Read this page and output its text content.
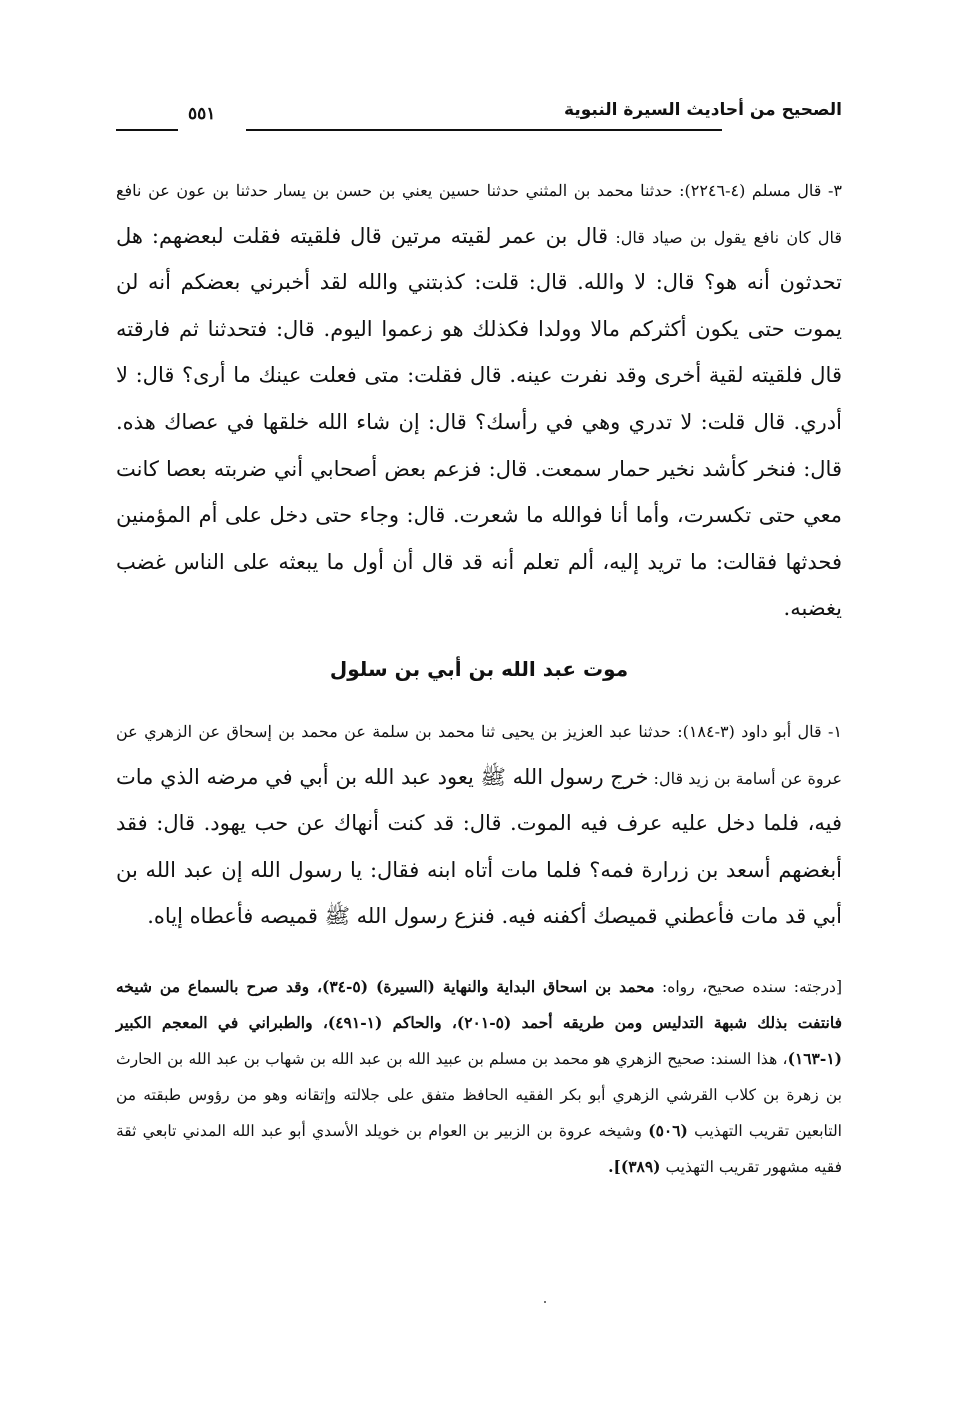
الصحيح من أحاديث السيرة النبوية
٥٥١

٣- قال مسلم (٤-٢٢٤٦): حدثنا محمد بن المثني حدثنا حسين يعني بن حسن بن يسار حدثنا بن عون عن نافع قال كان نافع يقول بن صياد قال: قال بن عمر لقيته مرتين قال فلقيته فقلت لبعضهم: هل تحدثون أنه هو؟ قال: لا والله. قال: قلت: كذبتني والله لقد أخبرني بعضكم أنه لن يموت حتى يكون أكثركم مالا وولدا فكذلك هو زعموا اليوم. قال: فتحدثنا ثم فارقته قال فلقيته لقية أخرى وقد نفرت عينه. قال فقلت: متى فعلت عينك ما أرى؟ قال: لا أدري. قال قلت: لا تدري وهي في رأسك؟ قال: إن شاء الله خلقها في عصاك هذه. قال: فنخر كأشد نخير حمار سمعت. قال: فزعم بعض أصحابي أني ضربته بعصا كانت معي حتى تكسرت، وأما أنا فوالله ما شعرت. قال: وجاء حتى دخل على أم المؤمنين فحدثها فقالت: ما تريد إليه، ألم تعلم أنه قد قال أن أول ما يبعثه على الناس غضب يغضبه.

موت عبد الله بن أبي بن سلول

١- قال أبو داود (٣-١٨٤): حدثنا عبد العزيز بن يحيى ثنا محمد بن سلمة عن محمد بن إسحاق عن الزهري عن عروة عن أسامة بن زيد قال: خرج رسول الله ﷺ يعود عبد الله بن أبي في مرضه الذي مات فيه، فلما دخل عليه عرف فيه الموت. قال: قد كنت أنهاك عن حب يهود. قال: فقد أبغضهم أسعد بن زرارة فمه؟ فلما مات أتاه ابنه فقال: يا رسول الله إن عبد الله بن أبي قد مات فأعطني قميصك أكفنه فيه. فنزع رسول الله ﷺ قميصه فأعطاه إياه.

[درجته: سنده صحيح، رواه: محمد بن اسحاق البداية والنهاية (السيرة) (٥-٣٤)، وقد صرح بالسماع من شيخه فانتفت بذلك شبهة التدليس ومن طريقه أحمد (٥-٢٠١)، والحاكم (١-٤٩١)، والطبراني في المعجم الكبير (١-١٦٣)، هذا السند: صحيح الزهري هو محمد بن مسلم بن عبيد الله بن عبد الله بن شهاب بن عبد الله بن الحارث بن زهرة بن كلاب القرشي الزهري أبو بكر الفقيه الحافظ متفق على جلالته وإتقانه وهو من رؤوس طبقته من التابعين تقريب التهذيب (٥٠٦) وشيخه عروة بن الزبير بن العوام بن خويلد الأسدي أبو عبد الله المدني تابعي ثقة فقيه مشهور تقريب التهذيب (٣٨٩)].
